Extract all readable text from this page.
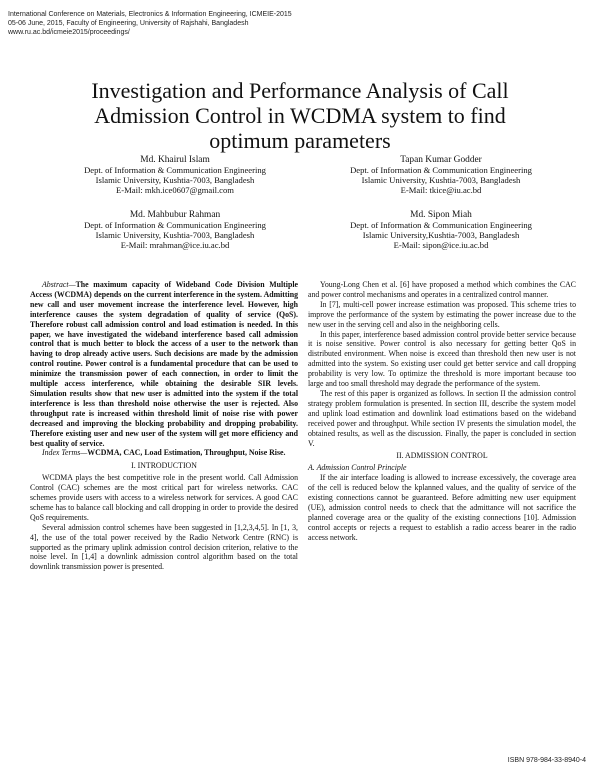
International Conference on Materials, Electronics & Information Engineering, ICMEIE-2015
05-06 June, 2015, Faculty of Engineering, University of Rajshahi, Bangladesh
www.ru.ac.bd/icmeie2015/proceedings/
Investigation and Performance Analysis of Call
Admission Control in WCDMA system to find
optimum parameters
Md. Khairul Islam
Dept. of Information & Communication Engineering
Islamic University, Kushtia-7003, Bangladesh
E-Mail: mkh.ice0607@gmail.com
Tapan Kumar Godder
Dept. of Information & Communication Engineering
Islamic University, Kushtia-7003, Bangladesh
E-Mail: tkice@iu.ac.bd
Md. Mahbubur Rahman
Dept. of Information & Communication Engineering
Islamic University, Kushtia-7003, Bangladesh
E-Mail: mrahman@ice.iu.ac.bd
Md. Sipon Miah
Dept. of Information & Communication Engineering
Islamic University,Kushtia-7003, Bangladesh
E-Mail: sipon@ice.iu.ac.bd

Abstract—The maximum capacity of Wideband Code Division Multiple Access (WCDMA) depends on the current interference in the system. Admitting new call and user movement increase the interference level. However, high interference causes the system degradation of quality of service (QoS). Therefore robust call admission control and load estimation is needed. In this paper, we have investigated the wideband interference based call admission control that is much better to block the access of a user to the network than having to drop already active users. Such decisions are made by the admission control routine. Power control is a fundamental procedure that can be used to minimize the transmission power of each connection, in order to limit the multiple access interference, while obtaining the desirable SIR levels. Simulation results show that new user is admitted into the system if the total interference is less than threshold noise otherwise the user is rejected. Also throughput rate is increased within threshold limit of noise rise with power decreased and improving the blocking probability and dropping probability. Therefore existing user and new user of the system will get more efficiency and best quality of service.

Index Terms—WCDMA, CAC, Load Estimation, Throughput, Noise Rise.

I. INTRODUCTION

WCDMA plays the best competitive role in the present world. Call Admission Control (CAC) schemes are the most critical part for wireless networks. CAC schemes provide users with access to a wireless network for services. A good CAC scheme has to balance call blocking and call dropping in order to provide the desired QoS requirements.

Several admission control schemes have been suggested in [1,2,3,4,5]. In [1, 3, 4], the use of the total power received by the Radio Network Centre (RNC) is supported as the primary uplink admission control decision criterion, relative to the noise level. In [1,4] a downlink admission control algorithm based on the total downlink transmission power is presented.

Young-Long Chen et al. [6] have proposed a method which combines the CAC and power control mechanisms and operates in a centralized control manner.

In [7], multi-cell power increase estimation was proposed. This scheme tries to improve the performance of the system by estimating the power increase due to the new user in the serving cell and also in the neighboring cells.

In this paper, interference based admission control provide better service because it is noise sensitive. Power control is also necessary for getting better QoS in distributed environment. When noise is exceed than threshold then new user is not admitted into the system. So existing user could get better service and call dropping probability is very low. To optimize the threshold is more important because too large and too small threshold may degrade the performance of the system.

The rest of this paper is organized as follows. In section II the admission control strategy problem formulation is presented. In section III, describe the system model and uplink load estimation and downlink load estimations based on the wideband received power and throughput. While section IV presents the simulation model, the obtained results, as well as the discussion. Finally, the paper is concluded in section V.

II. ADMISSION CONTROL

A. Admission Control Principle

If the air interface loading is allowed to increase excessively, the coverage area of the cell is reduced below the kplanned values, and the quality of service of the existing connections cannot be guaranteed. Before admitting new user equipment (UE), admission control needs to check that the admittance will not sacrifice the planned coverage area or the quality of the existing connections [10]. Admission control accepts or rejects a request to establish a radio access bearer in the radio access network.

ISBN 978-984-33-8940-4
